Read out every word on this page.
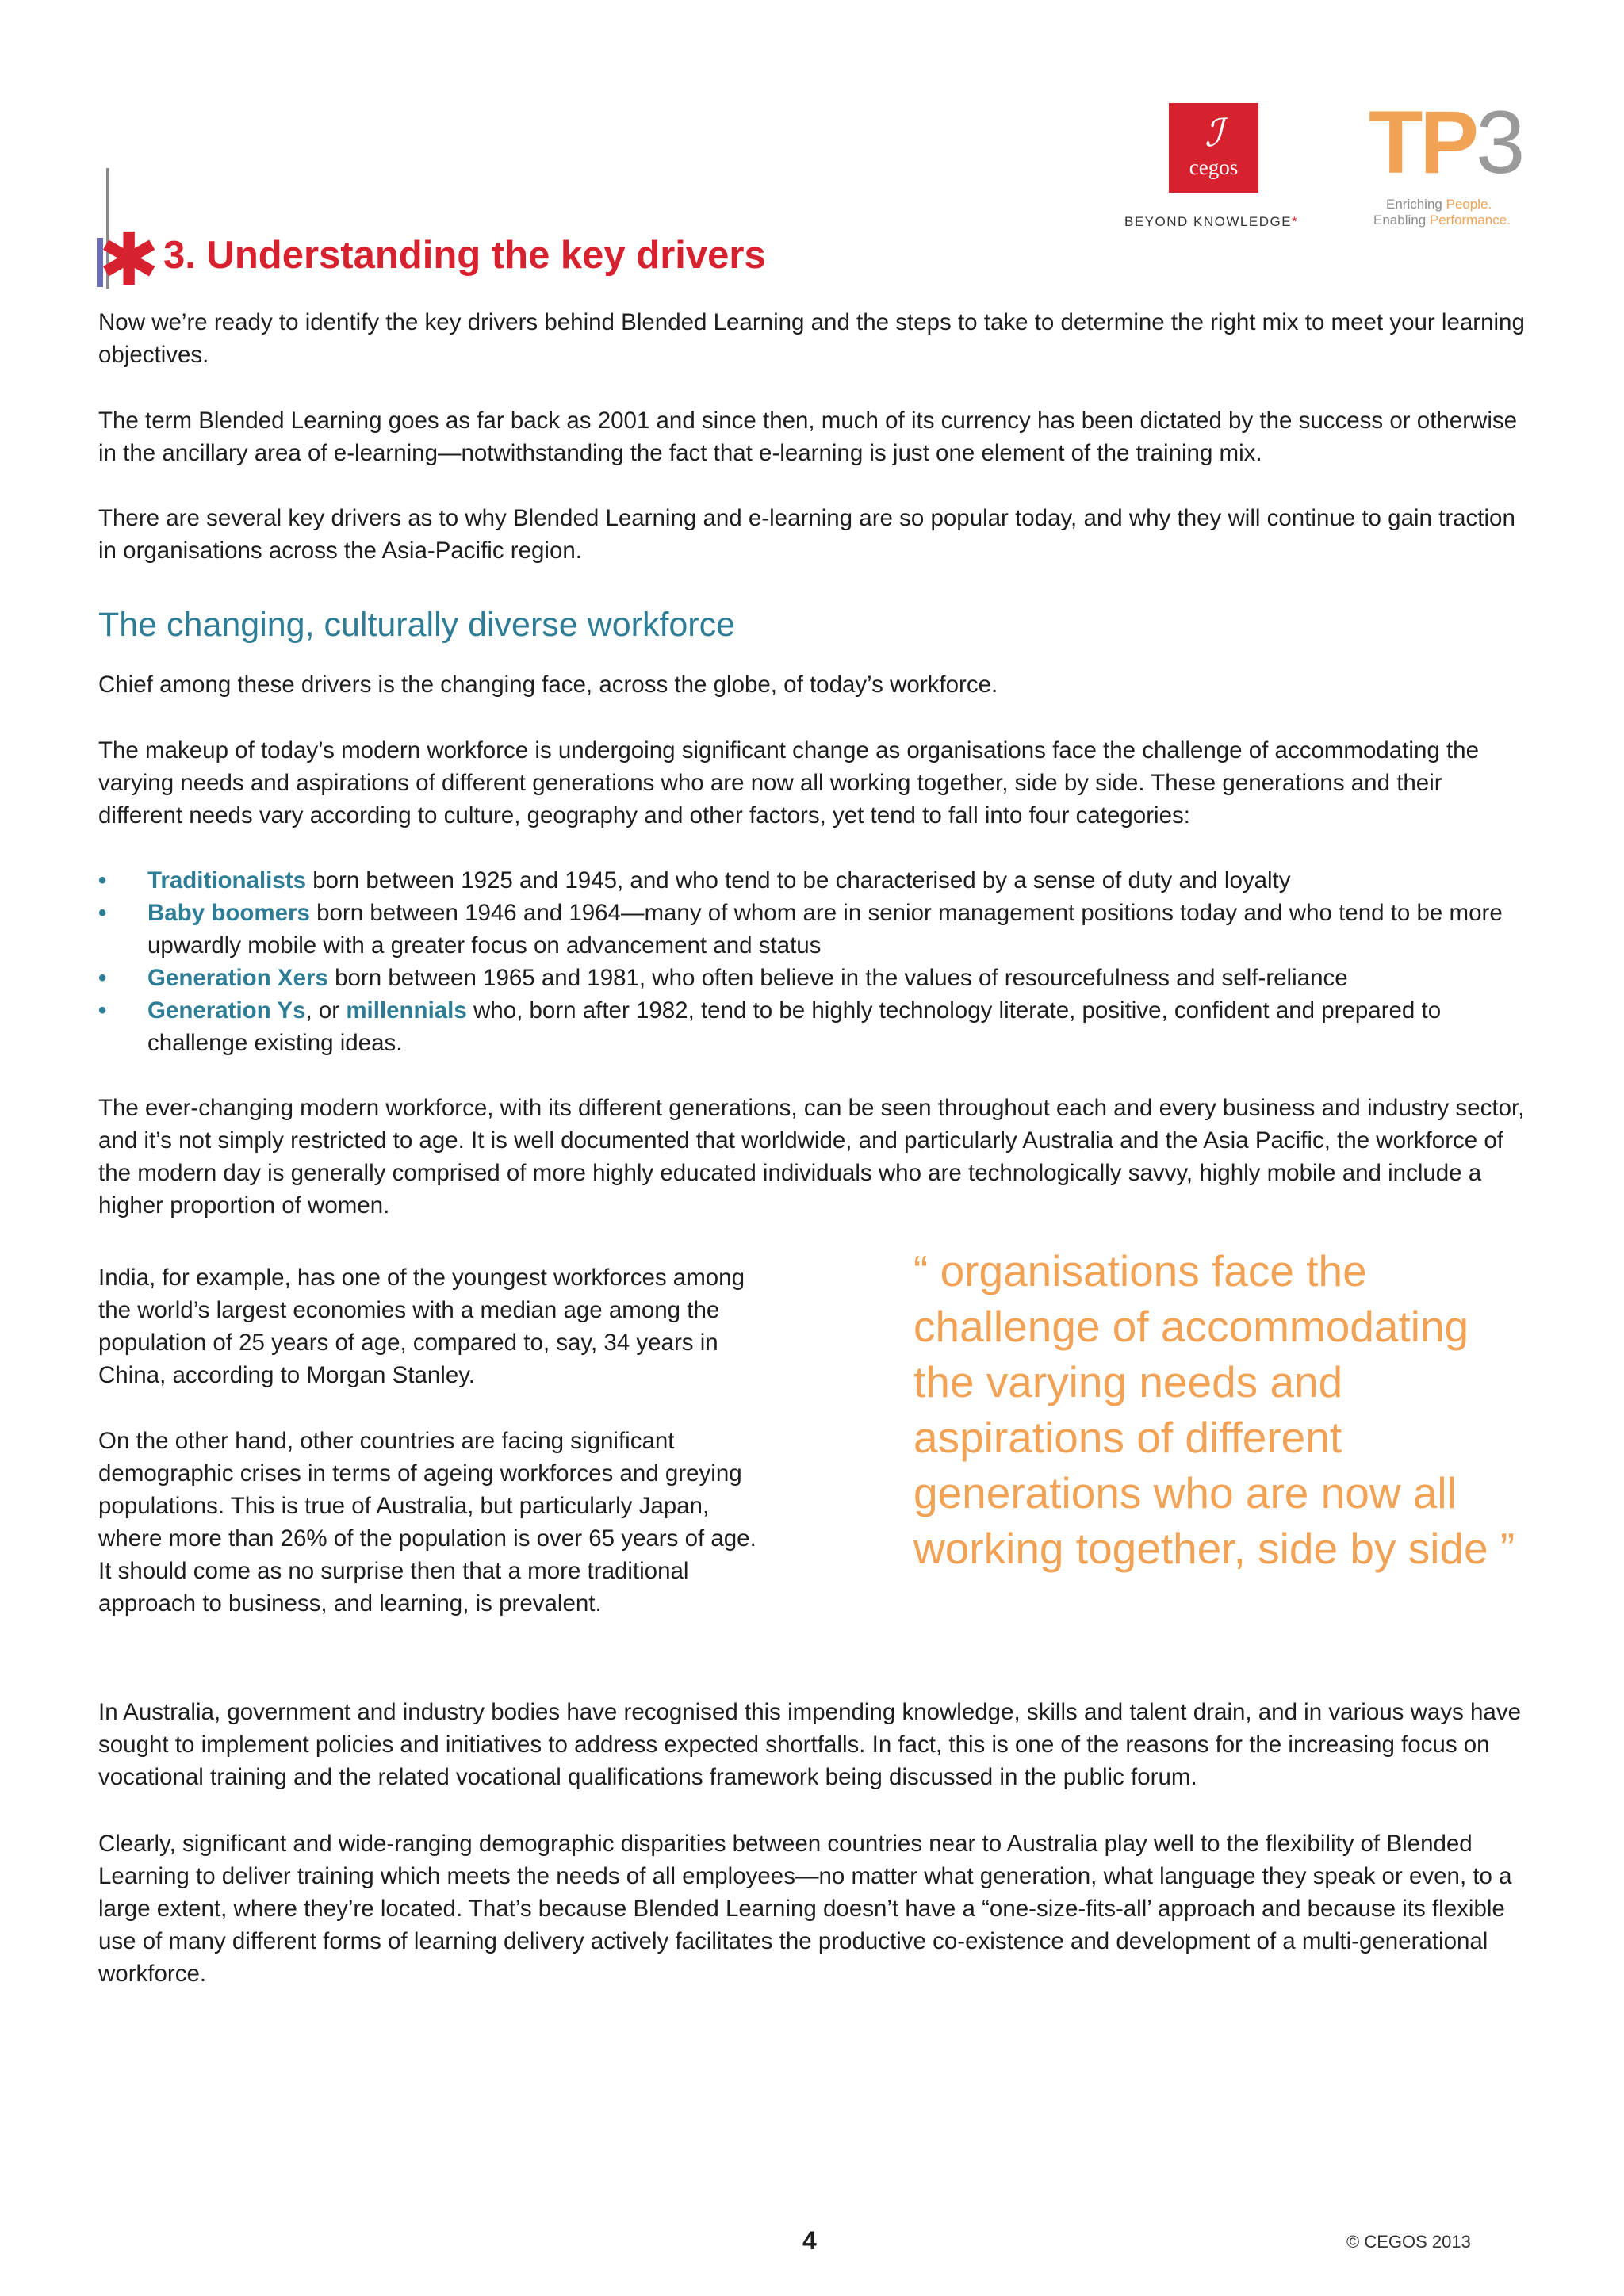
ℐ
cegos
BEYOND KNOWLEDGE*
TP3
Enriching People.
Enabling Performance.
✱ 3. Understanding the key drivers

Now we’re ready to identify the key drivers behind Blended Learning and the steps to take to determine the right mix to meet your learning objectives.

The term Blended Learning goes as far back as 2001 and since then, much of its currency has been dictated by the success or otherwise in the ancillary area of e-learning—notwithstanding the fact that e-learning is just one element of the training mix.

There are several key drivers as to why Blended Learning and e-learning are so popular today, and why they will continue to gain traction in organisations across the Asia-Pacific region.

The changing, culturally diverse workforce

Chief among these drivers is the changing face, across the globe, of today’s workforce.

The makeup of today’s modern workforce is undergoing significant change as organisations face the challenge of accommodating the varying needs and aspirations of different generations who are now all working together, side by side. These generations and their different needs vary according to culture, geography and other factors, yet tend to fall into four categories:

• Traditionalists born between 1925 and 1945, and who tend to be characterised by a sense of duty and loyalty
• Baby boomers born between 1946 and 1964—many of whom are in senior management positions today and who tend to be more upwardly mobile with a greater focus on advancement and status
• Generation Xers born between 1965 and 1981, who often believe in the values of resourcefulness and self-reliance
• Generation Ys, or millennials who, born after 1982, tend to be highly technology literate, positive, confident and prepared to challenge existing ideas.

The ever-changing modern workforce, with its different generations, can be seen throughout each and every business and industry sector, and it’s not simply restricted to age. It is well documented that worldwide, and particularly Australia and the Asia Pacific, the workforce of the modern day is generally comprised of more highly educated individuals who are technologically savvy, highly mobile and include a higher proportion of women.

India, for example, has one of the youngest workforces among the world’s largest economies with a median age among the population of 25 years of age, compared to, say, 34 years in China, according to Morgan Stanley.

On the other hand, other countries are facing significant demographic crises in terms of ageing workforces and greying populations. This is true of Australia, but particularly Japan, where more than 26% of the population is over 65 years of age. It should come as no surprise then that a more traditional approach to business, and learning, is prevalent.

“ organisations face the challenge of accommodating the varying needs and aspirations of different generations who are now all working together, side by side ”

In Australia, government and industry bodies have recognised this impending knowledge, skills and talent drain, and in various ways have sought to implement policies and initiatives to address expected shortfalls. In fact, this is one of the reasons for the increasing focus on vocational training and the related vocational qualifications framework being discussed in the public forum.

Clearly, significant and wide-ranging demographic disparities between countries near to Australia play well to the flexibility of Blended Learning to deliver training which meets the needs of all employees—no matter what generation, what language they speak or even, to a large extent, where they’re located. That’s because Blended Learning doesn’t have a “one-size-fits-all’ approach and because its flexible use of many different forms of learning delivery actively facilitates the productive co-existence and development of a multi-generational workforce.

4	© CEGOS 2013
